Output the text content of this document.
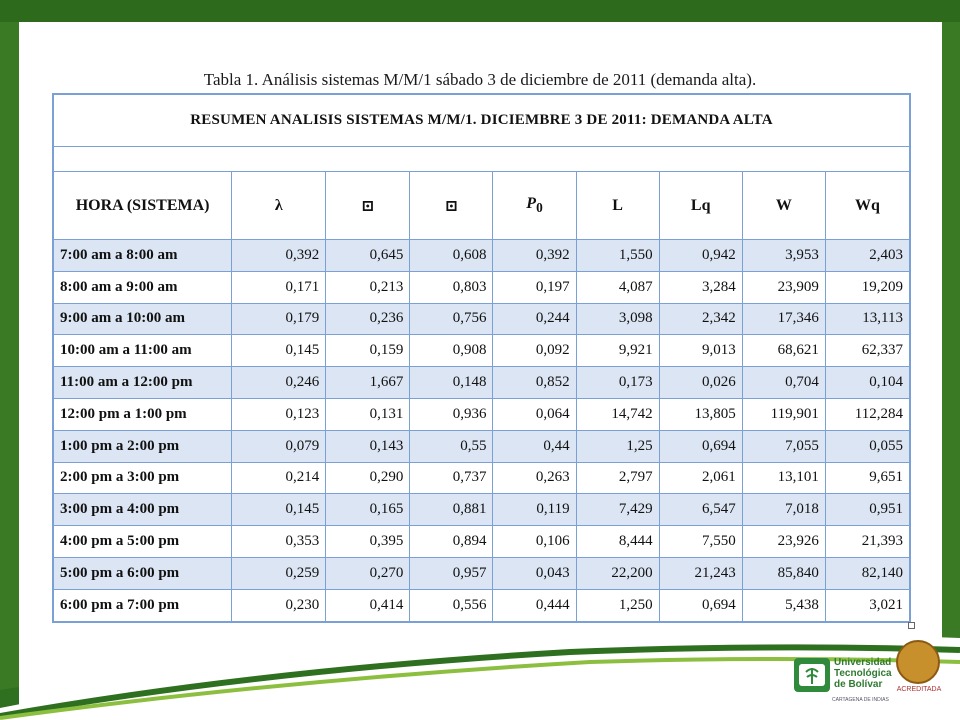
Tabla 1. Análisis sistemas M/M/1 sábado 3 de diciembre de 2011 (demanda alta).
RESUMEN ANALISIS SISTEMAS M/M/1. DICIEMBRE 3 DE 2011: DEMANDA ALTA								

HORA (SISTEMA)	λ	⊡	⊡	$P_0$	L	Lq	W	Wq
7:00 am a 8:00 am	0,392	0,645	0,608	0,392	1,550	0,942	3,953	2,403
8:00 am a 9:00 am	0,171	0,213	0,803	0,197	4,087	3,284	23,909	19,209
9:00 am a 10:00 am	0,179	0,236	0,756	0,244	3,098	2,342	17,346	13,113
10:00 am a 11:00 am	0,145	0,159	0,908	0,092	9,921	9,013	68,621	62,337
11:00 am a 12:00 pm	0,246	1,667	0,148	0,852	0,173	0,026	0,704	0,104
12:00 pm a 1:00 pm	0,123	0,131	0,936	0,064	14,742	13,805	119,901	112,284
1:00 pm a 2:00 pm	0,079	0,143	0,55	0,44	1,25	0,694	7,055	0,055
2:00 pm a 3:00 pm	0,214	0,290	0,737	0,263	2,797	2,061	13,101	9,651
3:00 pm a 4:00 pm	0,145	0,165	0,881	0,119	7,429	6,547	7,018	0,951
4:00 pm a 5:00 pm	0,353	0,395	0,894	0,106	8,444	7,550	23,926	21,393
5:00 pm a 6:00 pm	0,259	0,270	0,957	0,043	22,200	21,243	85,840	82,140
6:00 pm a 7:00 pm	0,230	0,414	0,556	0,444	1,250	0,694	5,438	3,021
Universidad
Tecnológica
de Bolívar
CARTAGENA DE INDIAS
ACREDITADA
